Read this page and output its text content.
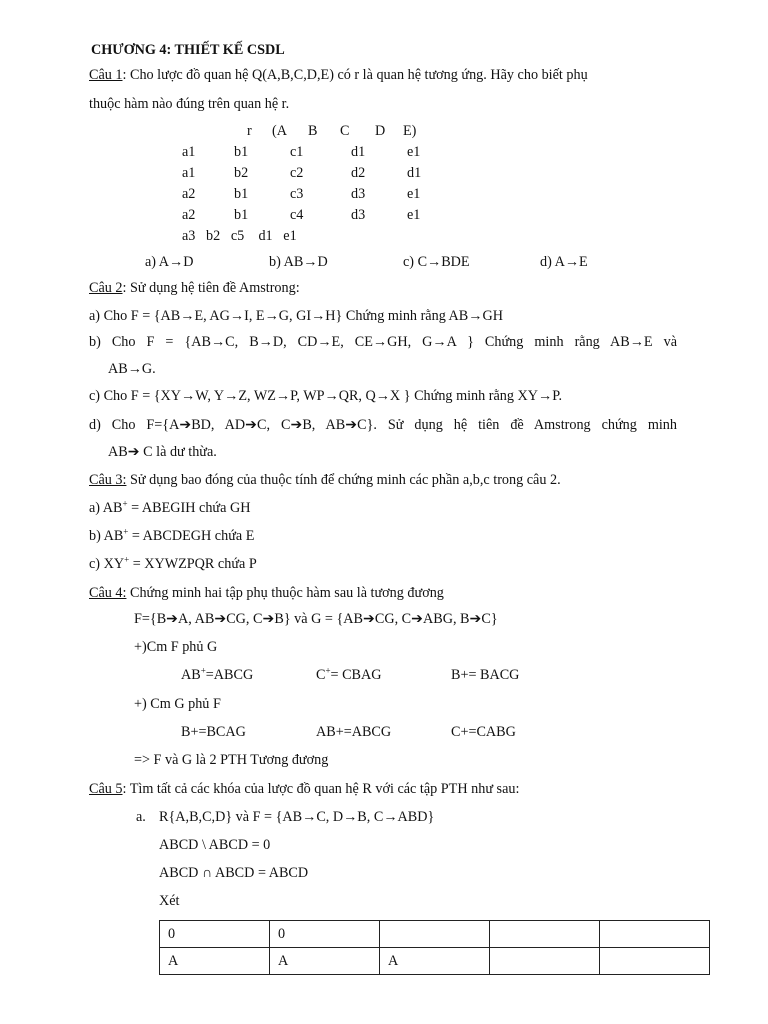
CHƯƠNG 4: THIẾT KẾ CSDL
Câu 1: Cho lược đồ quan hệ Q(A,B,C,D,E) có r là quan hệ tương ứng. Hãy cho biết phụ
thuộc hàm nào đúng trên quan hệ r.
r	(A	B	C	D	E)
a1	b1	c1	d1	e1
a1	b2	c2	d2	d1
a2	b1	c3	d3	e1
a2	b1	c4	d3	e1
a3   b2   c5    d1   e1
a) A→D	b) AB→D	c) C→BDE	d) A→E
Câu 2: Sử dụng hệ tiên đề Amstrong:
a) Cho F = {AB→E, AG→I, E→G, GI→H} Chứng minh rằng AB→GH
b) Cho F = {AB→C, B→D, CD→E, CE→GH, G→A } Chứng minh rằng AB→E và
AB→G.
c) Cho F = {XY→W, Y→Z, WZ→P, WP→QR, Q→X } Chứng minh rằng XY→P.
d) Cho F={A➔BD, AD➔C, C➔B, AB➔C}. Sử dụng hệ tiên đề Amstrong chứng minh
AB➔ C là dư thừa.
Câu 3: Sử dụng bao đóng của thuộc tính để chứng minh các phần a,b,c trong câu 2.
a) AB+ = ABEGIH chứa GH
b) AB+ = ABCDEGH chứa E
c) XY+ = XYWZPQR chứa P
Câu 4: Chứng minh hai tập phụ thuộc hàm sau là tương đương
F={B➔A, AB➔CG, C➔B} và G = {AB➔CG, C➔ABG, B➔C}
+)Cm F phủ G
AB+=ABCG	C+= CBAG	B+= BACG
+) Cm G phủ F
B+=BCAG	AB+=ABCG	C+=CABG
=> F và G là 2 PTH Tương đương
Câu 5: Tìm tất cả các khóa của lược đồ quan hệ R với các tập PTH như sau:
a. R{A,B,C,D} và F = {AB→C, D→B, C→ABD}
ABCD \ ABCD = 0
ABCD ∩ ABCD = ABCD
Xét
0	0			
A	A	A		
